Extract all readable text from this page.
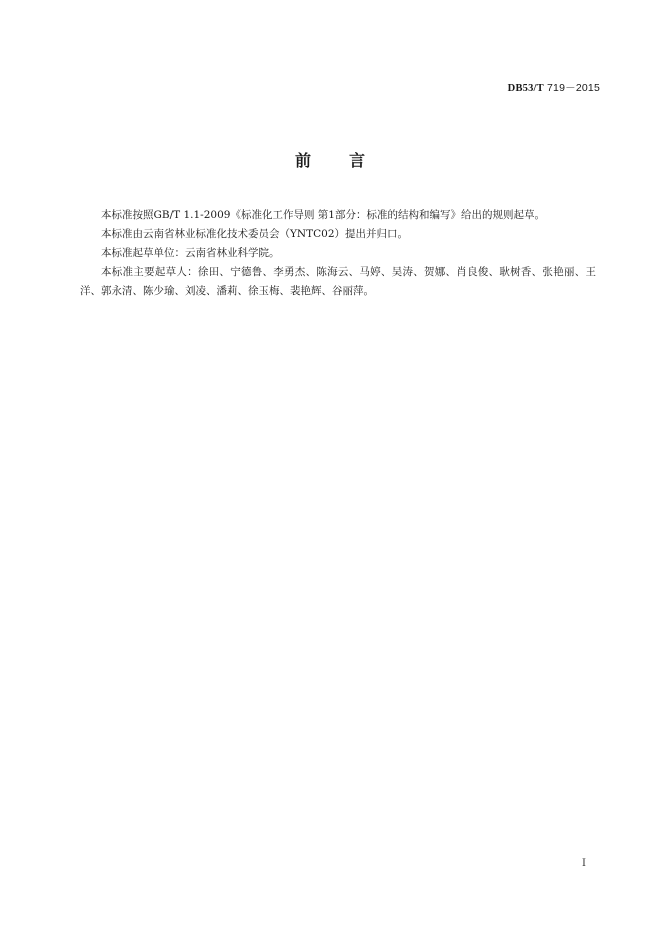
DB53/T 719－2015
前　　言

本标准按照GB/T 1.1-2009《标准化工作导则 第1部分：标准的结构和编写》给出的规则起草。

本标准由云南省林业标准化技术委员会（YNTC02）提出并归口。

本标准起草单位：云南省林业科学院。

本标准主要起草人：徐田、宁德鲁、李勇杰、陈海云、马婷、吴涛、贺娜、肖良俊、耿树香、张艳丽、王洋、郭永清、陈少瑜、刘凌、潘莉、徐玉梅、裴艳辉、谷丽萍。

I
